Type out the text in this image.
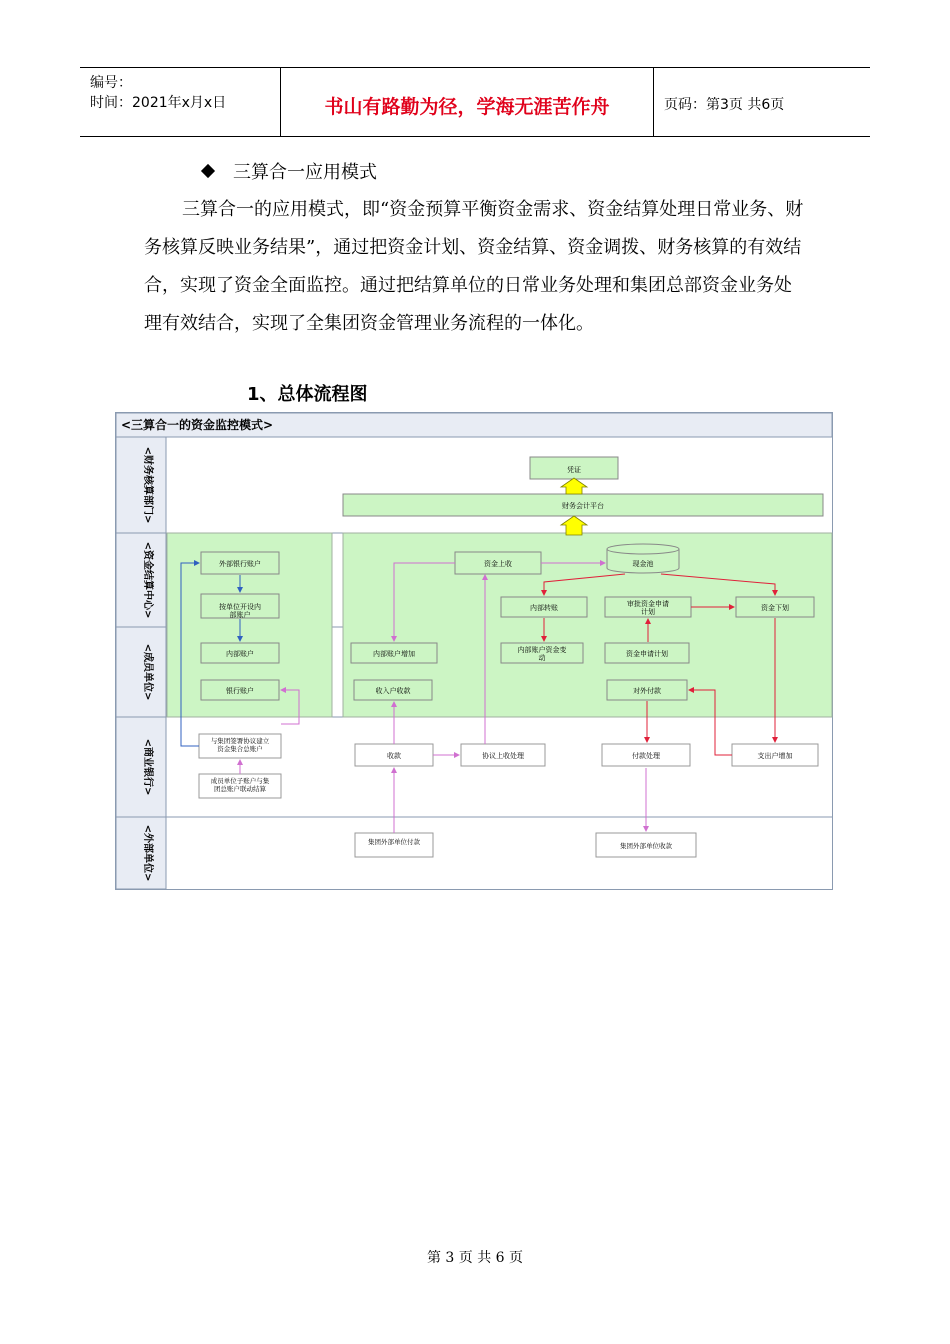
编号：
时间：2021年x月x日	书山有路勤为径，学海无涯苦作舟	页码：第3页 共6页
三算合一应用模式
三算合一的应用模式，即“资金预算平衡资金需求、资金结算处理日常业务、财务核算反映业务结果”，通过把资金计划、资金结算、资金调拨、财务核算的有效结合，实现了资金全面监控。通过把结算单位的日常业务处理和集团总部资金业务处理有效结合，实现了全集团资金管理业务流程的一体化。
1、总体流程图
<三算合一的资金监控模式>
<财务核算部门>
<资金结算中心>
<成员单位>
<商业银行>
<外部单位>
凭证
财务会计平台
外部银行账户
按单位开设内部账户
内部账户
银行账户
资金上收	现金池
内部转账	审批资金申请计划	资金下划
内部账户增加	内部账户资金变动	资金申请计划
收入户收款	对外付款
与集团签署协议建立资金集合总账户
成员单位子账户与集团总账户联动结算
收款	协议上收处理	付款处理	支出户增加
集团外部单位付款	集团外部单位收款
第 3 页 共 6 页
